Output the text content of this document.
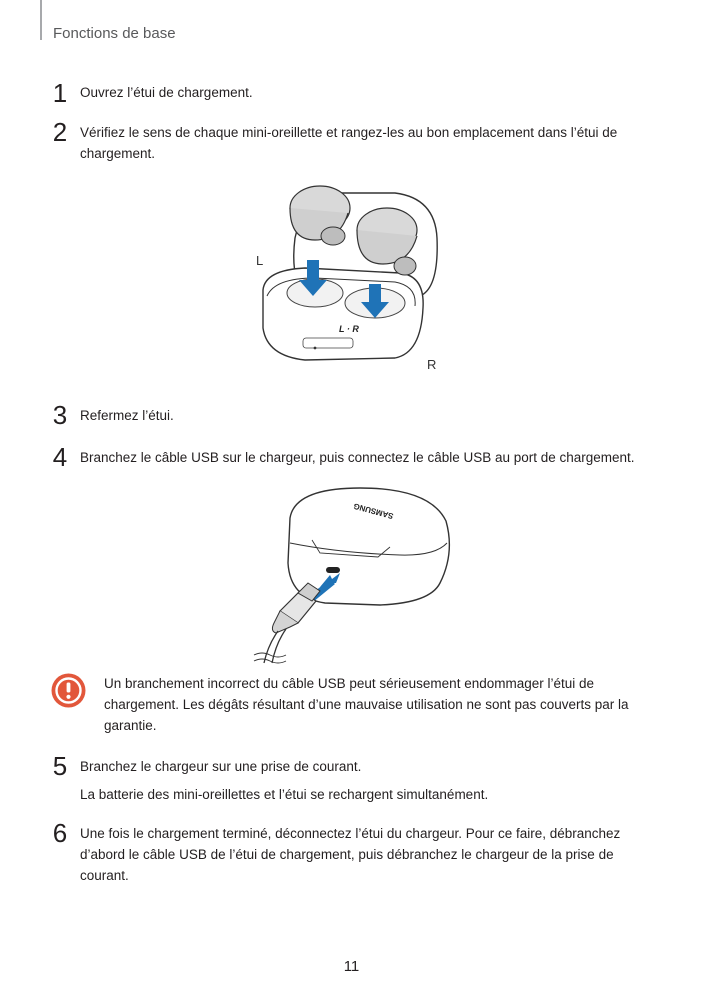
Fonctions de base
1 Ouvrez l’étui de chargement.
2 Vérifiez le sens de chaque mini-oreillette et rangez-les au bon emplacement dans l’étui de
chargement.
L · R
L
R
3 Refermez l’étui.
4 Branchez le câble USB sur le chargeur, puis connectez le câble USB au port de chargement.
SAMSUNG
Un branchement incorrect du câble USB peut sérieusement endommager l’étui de
chargement. Les dégâts résultant d’une mauvaise utilisation ne sont pas couverts par la
garantie.
5 Branchez le chargeur sur une prise de courant.
La batterie des mini-oreillettes et l’étui se rechargent simultanément.
6 Une fois le chargement terminé, déconnectez l’étui du chargeur. Pour ce faire, débranchez
d’abord le câble USB de l’étui de chargement, puis débranchez le chargeur de la prise de
courant.
11
